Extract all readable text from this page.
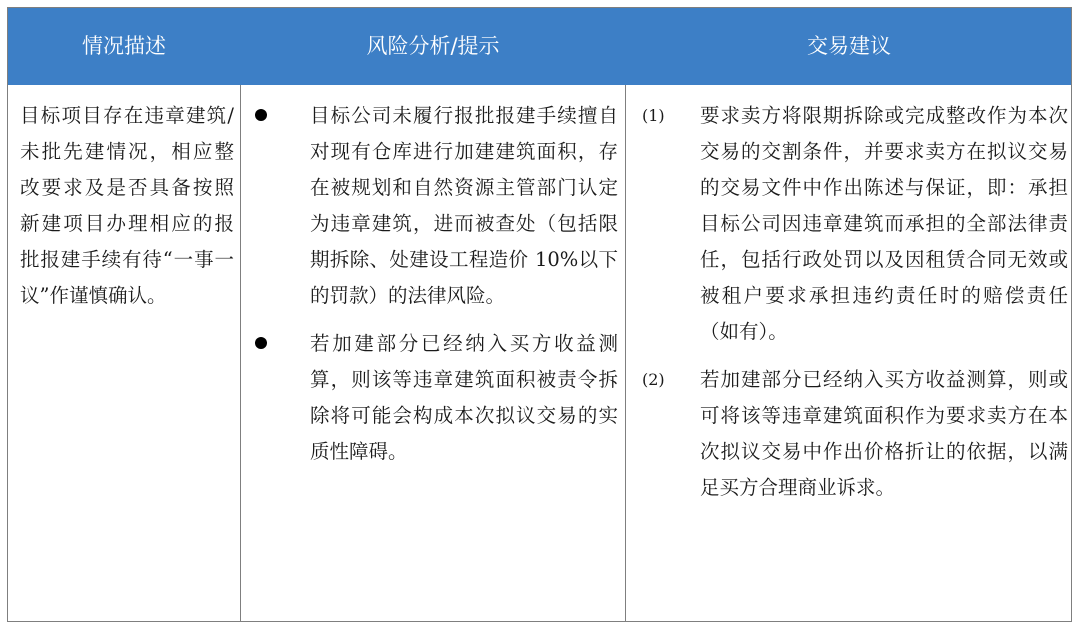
情况描述	风险分析/提示	交易建议
目标项目存在违章建筑/未批先建情况，相应整改要求及是否具备按照新建项目办理相应的报批报建手续有待“一事一议”作谨慎确认。
目标公司未履行报批报建手续擅自对现有仓库进行加建建筑面积，存在被规划和自然资源主管部门认定为违章建筑，进而被查处（包括限期拆除、处建设工程造价 10%以下的罚款）的法律风险。
若加建部分已经纳入买方收益测算，则该等违章建筑面积被责令拆除将可能会构成本次拟议交易的实质性障碍。
(1) 要求卖方将限期拆除或完成整改作为本次交易的交割条件，并要求卖方在拟议交易的交易文件中作出陈述与保证，即：承担目标公司因违章建筑而承担的全部法律责任，包括行政处罚以及因租赁合同无效或被租户要求承担违约责任时的赔偿责任（如有）。
(2) 若加建部分已经纳入买方收益测算，则或可将该等违章建筑面积作为要求卖方在本次拟议交易中作出价格折让的依据，以满足买方合理商业诉求。
